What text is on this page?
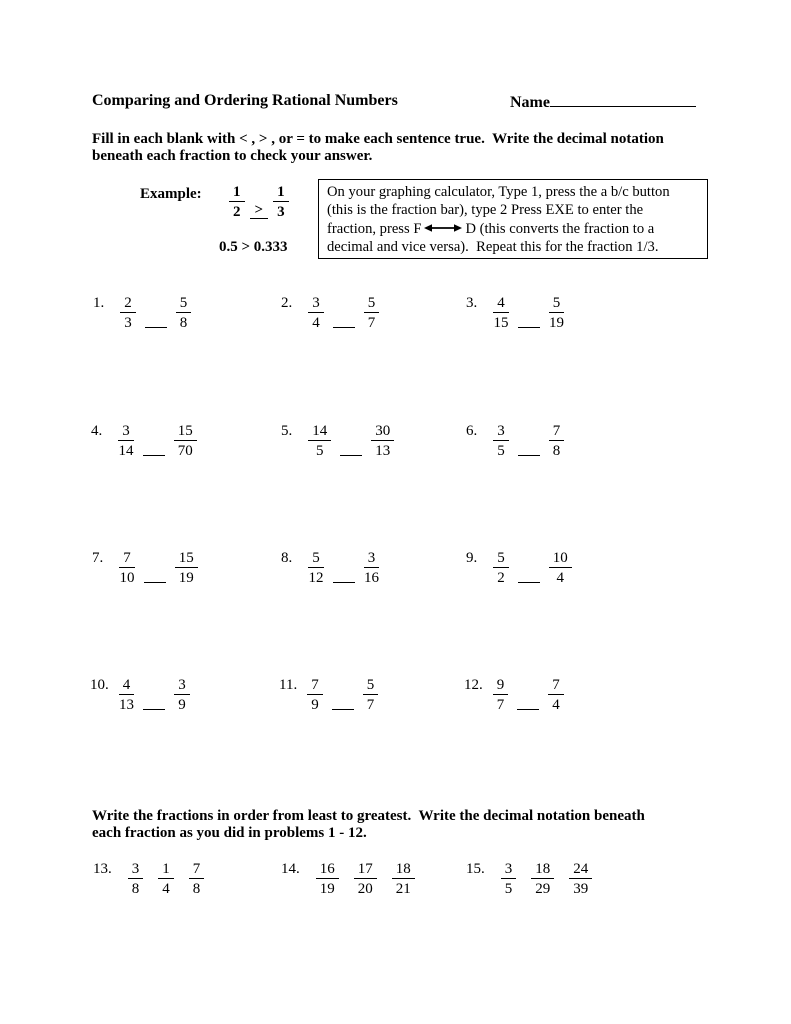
Comparing and Ordering Rational Numbers	Name
Fill in each blank with < , > , or = to make each sentence true.  Write the decimal notation
beneath each fraction to check your answer.
Example: $\frac{1}{2} > \frac{1}{3}$
0.5 > 0.333
On your graphing calculator, Type 1, press the a b/c button
(this is the fraction bar), type 2 Press EXE to enter the
fraction, press F	D (this converts the fraction to a
decimal and vice versa).  Repeat this for the fraction 1/3.
1. $\frac{2}{3}$	$\frac{5}{8}$	2. $\frac{3}{4}$	$\frac{5}{7}$	3. $\frac{4}{15}$	$\frac{5}{19}$
4. $\frac{3}{14}$	$\frac{15}{70}$	5. $\frac{14}{5}$	$\frac{30}{13}$	6. $\frac{3}{5}$	$\frac{7}{8}$
7. $\frac{7}{10}$	$\frac{15}{19}$	8. $\frac{5}{12}$	$\frac{3}{16}$	9. $\frac{5}{2}$	$\frac{10}{4}$
10. $\frac{4}{13}$	$\frac{3}{9}$	11. $\frac{7}{9}$	$\frac{5}{7}$	12. $\frac{9}{7}$	$\frac{7}{4}$
Write the fractions in order from least to greatest.  Write the decimal notation beneath
each fraction as you did in problems 1 - 12.
13. $\frac{3}{8} \frac{1}{4} \frac{7}{8}$	14. $\frac{16}{19} \frac{17}{20} \frac{18}{21}$	15. $\frac{3}{5} \frac{18}{29} \frac{24}{39}$
